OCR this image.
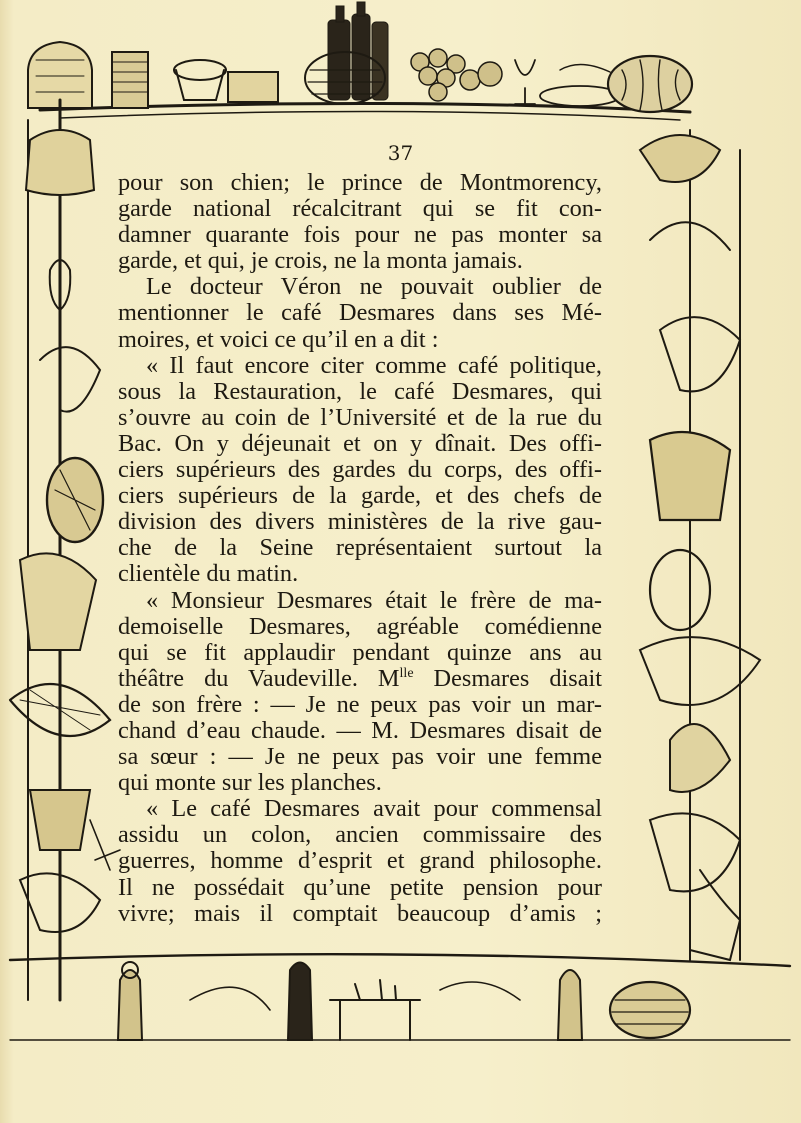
37
pour son chien; le prince de Montmorency,
garde national récalcitrant qui se fit con-
damner quarante fois pour ne pas monter sa
garde, et qui, je crois, ne la monta jamais.
Le docteur Véron ne pouvait oublier de
mentionner le café Desmares dans ses Mé-
moires, et voici ce qu’il en a dit :
« Il faut encore citer comme café politique,
sous la Restauration, le café Desmares, qui
s’ouvre au coin de l’Université et de la rue du
Bac. On y déjeunait et on y dînait. Des offi-
ciers supérieurs des gardes du corps, des offi-
ciers supérieurs de la garde, et des chefs de
division des divers ministères de la rive gau-
che de la Seine représentaient surtout la
clientèle du matin.
« Monsieur Desmares était le frère de ma-
demoiselle Desmares, agréable comédienne
qui se fit applaudir pendant quinze ans au
théâtre du Vaudeville. $M^{lle}$ Desmares disait
de son frère : — Je ne peux pas voir un mar-
chand d’eau chaude. — M. Desmares disait de
sa sœur : — Je ne peux pas voir une femme
qui monte sur les planches.
« Le café Desmares avait pour commensal
assidu un colon, ancien commissaire des
guerres, homme d’esprit et grand philosophe.
Il ne possédait qu’une petite pension pour
vivre; mais il comptait beaucoup d’amis ;
